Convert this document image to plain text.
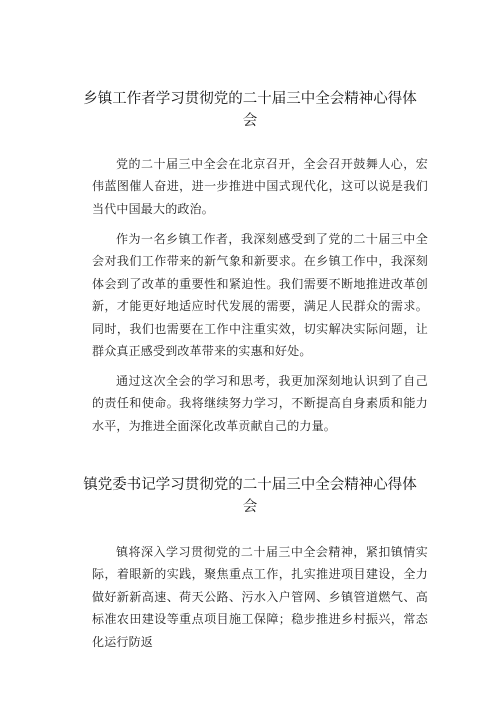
乡镇工作者学习贯彻党的二十届三中全会精神心得体
会

党的二十届三中全会在北京召开，全会召开鼓舞人心，宏伟蓝图催人奋进，进一步推进中国式现代化，这可以说是我们当代中国最大的政治。

作为一名乡镇工作者，我深刻感受到了党的二十届三中全会对我们工作带来的新气象和新要求。在乡镇工作中，我深刻体会到了改革的重要性和紧迫性。我们需要不断地推进改革创新，才能更好地适应时代发展的需要，满足人民群众的需求。同时，我们也需要在工作中注重实效，切实解决实际问题，让群众真正感受到改革带来的实惠和好处。

通过这次全会的学习和思考，我更加深刻地认识到了自己的责任和使命。我将继续努力学习，不断提高自身素质和能力水平，为推进全面深化改革贡献自己的力量。

镇党委书记学习贯彻党的二十届三中全会精神心得体
会

镇将深入学习贯彻党的二十届三中全会精神，紧扣镇情实际，着眼新的实践，聚焦重点工作，扎实推进项目建设，全力做好新新高速、荷天公路、污水入户管网、乡镇管道燃气、高标准农田建设等重点项目施工保障；稳步推进乡村振兴，常态化运行防返
